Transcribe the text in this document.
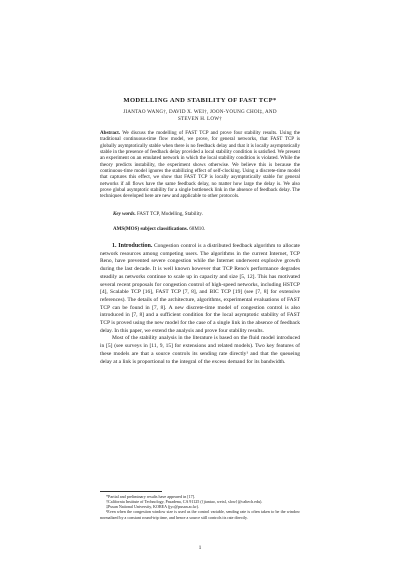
MODELLING AND STABILITY OF FAST TCP*
JIANTAO WANG†, DAVID X. WEI†, JOON-YOUNG CHOI‡, AND
STEVEN H. LOW†
Abstract. We discuss the modelling of FAST TCP and prove four stability results. Using the traditional continuous-time flow model, we prove, for general networks, that FAST TCP is globally asymptotically stable when there is no feedback delay and that it is locally asymptotically stable in the presence of feedback delay provided a local stability condition is satisfied. We present an experiment on an emulated network in which the local stability condition is violated. While the theory predicts instability, the experiment shows otherwise. We believe this is because the continuous-time model ignores the stabilizing effect of self-clocking. Using a discrete-time model that captures this effect, we show that FAST TCP is locally asymptotically stable for general networks if all flows have the same feedback delay, no matter how large the delay is. We also prove global asymptotic stability for a single bottleneck link in the absence of feedback delay. The techniques developed here are new and applicable to other protocols.
Key words. FAST TCP, Modelling, Stability.
AMS(MOS) subject classifications. 68M10.

1. Introduction. Congestion control is a distributed feedback algorithm to allocate network resources among competing users. The algorithms in the current Internet, TCP Reno, have prevented severe congestion while the Internet underwent explosive growth during the last decade. It is well known however that TCP Reno's performance degrades steadily as networks continue to scale up in capacity and size [5, 12]. This has motivated several recent proposals for congestion control of high-speed networks, including HSTCP [4], Scalable TCP [16], FAST TCP [7, 8], and BIC TCP [19] (see [7, 8] for extensive references). The details of the architecture, algorithms, experimental evaluations of FAST TCP can be found in [7, 8]. A new discrete-time model of congestion control is also introduced in [7, 8] and a sufficient condition for the local asymptotic stability of FAST TCP is proved using the new model for the case of a single link in the absence of feedback delay. In this paper, we extend the analysis and prove four stability results.

Most of the stability analysis in the literature is based on the fluid model introduced in [5] (see surveys in [11, 9, 15] for extensions and related models). Two key features of these models are that a source controls its sending rate directly¹ and that the queueing delay at a link is proportional to the integral of the excess demand for its bandwidth.

*Partial and preliminary results have appeared in [17].
†California Institute of Technology, Pasadena, CA 91125 ({jiantao, weixl, slow}@caltech.edu).
‡Pusan National University, KOREA (jyc@pusan.ac.kr).
¹Even when the congestion window size is used as the control variable, sending rate is often taken to be the window normalized by a constant round-trip time, and hence a source still controls its rate directly.
1
